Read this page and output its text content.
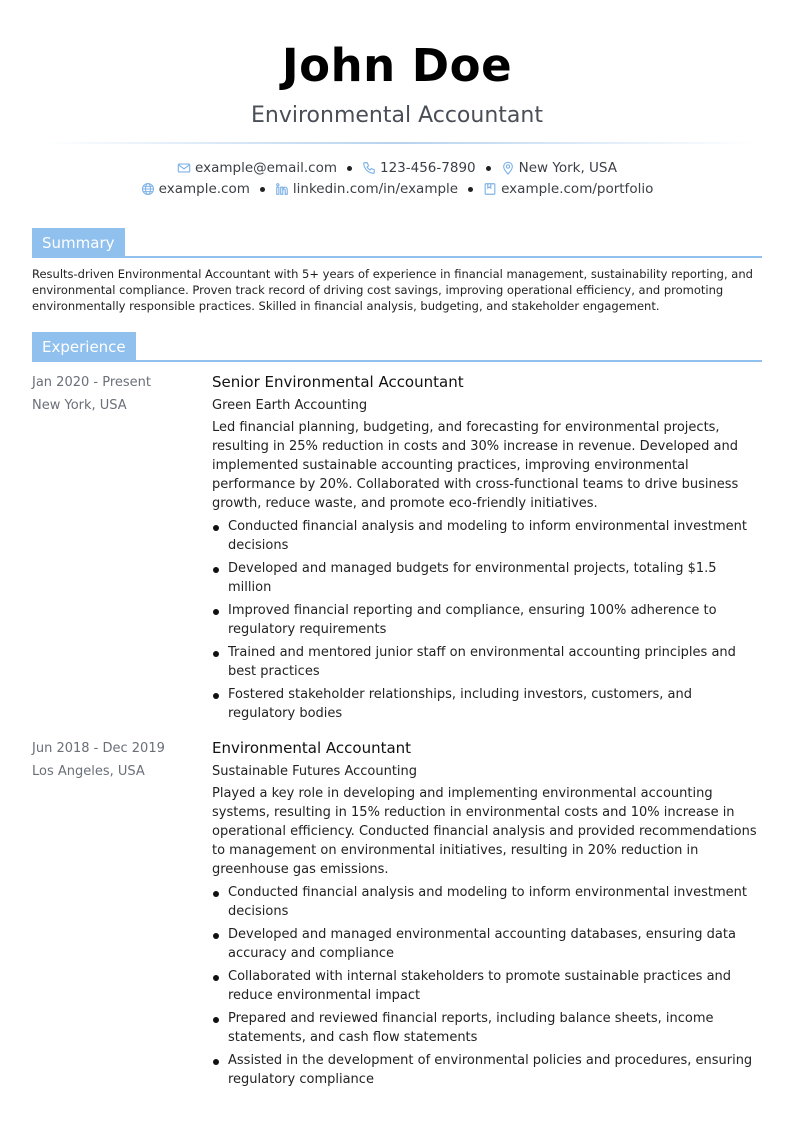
John Doe
Environmental Accountant
example@email.com	123-456-7890	New York, USA
example.com	linkedin.com/in/example	example.com/portfolio
Summary

Results-driven Environmental Accountant with 5+ years of experience in financial management, sustainability reporting, and environmental compliance. Proven track record of driving cost savings, improving operational efficiency, and promoting environmentally responsible practices. Skilled in financial analysis, budgeting, and stakeholder engagement.

Experience
Jan 2020 - Present
New York, USA
Senior Environmental Accountant
Green Earth Accounting

Led financial planning, budgeting, and forecasting for environmental projects, resulting in 25% reduction in costs and 30% increase in revenue. Developed and implemented sustainable accounting practices, improving environmental performance by 20%. Collaborated with cross-functional teams to drive business growth, reduce waste, and promote eco-friendly initiatives.

Conducted financial analysis and modeling to inform environmental investment decisions
Developed and managed budgets for environmental projects, totaling $1.5 million
Improved financial reporting and compliance, ensuring 100% adherence to regulatory requirements
Trained and mentored junior staff on environmental accounting principles and best practices
Fostered stakeholder relationships, including investors, customers, and regulatory bodies
Jun 2018 - Dec 2019
Los Angeles, USA
Environmental Accountant
Sustainable Futures Accounting

Played a key role in developing and implementing environmental accounting systems, resulting in 15% reduction in environmental costs and 10% increase in operational efficiency. Conducted financial analysis and provided recommendations to management on environmental initiatives, resulting in 20% reduction in greenhouse gas emissions.

Conducted financial analysis and modeling to inform environmental investment decisions
Developed and managed environmental accounting databases, ensuring data accuracy and compliance
Collaborated with internal stakeholders to promote sustainable practices and reduce environmental impact
Prepared and reviewed financial reports, including balance sheets, income statements, and cash flow statements
Assisted in the development of environmental policies and procedures, ensuring regulatory compliance
